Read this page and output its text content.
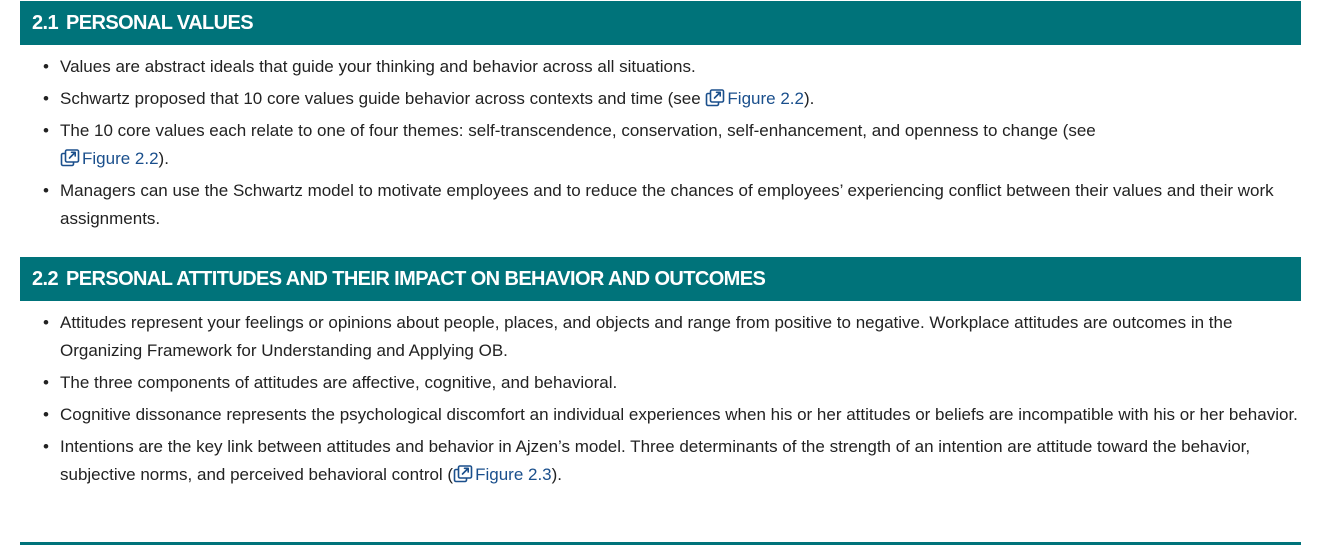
2.1 PERSONAL VALUES
• Values are abstract ideals that guide your thinking and behavior across all situations.
• Schwartz proposed that 10 core values guide behavior across contexts and time (see Figure 2.2).
• The 10 core values each relate to one of four themes: self-transcendence, conservation, self-enhancement, and openness to change (see
Figure 2.2).
• Managers can use the Schwartz model to motivate employees and to reduce the chances of employees’ experiencing conflict between their values and their work assignments.
2.2 PERSONAL ATTITUDES AND THEIR IMPACT ON BEHAVIOR AND OUTCOMES
• Attitudes represent your feelings or opinions about people, places, and objects and range from positive to negative. Workplace attitudes are outcomes in the Organizing Framework for Understanding and Applying OB.
• The three components of attitudes are affective, cognitive, and behavioral.
• Cognitive dissonance represents the psychological discomfort an individual experiences when his or her attitudes or beliefs are incompatible with his or her behavior.
• Intentions are the key link between attitudes and behavior in Ajzen’s model. Three determinants of the strength of an intention are attitude toward the behavior, subjective norms, and perceived behavioral control ( Figure 2.3).
